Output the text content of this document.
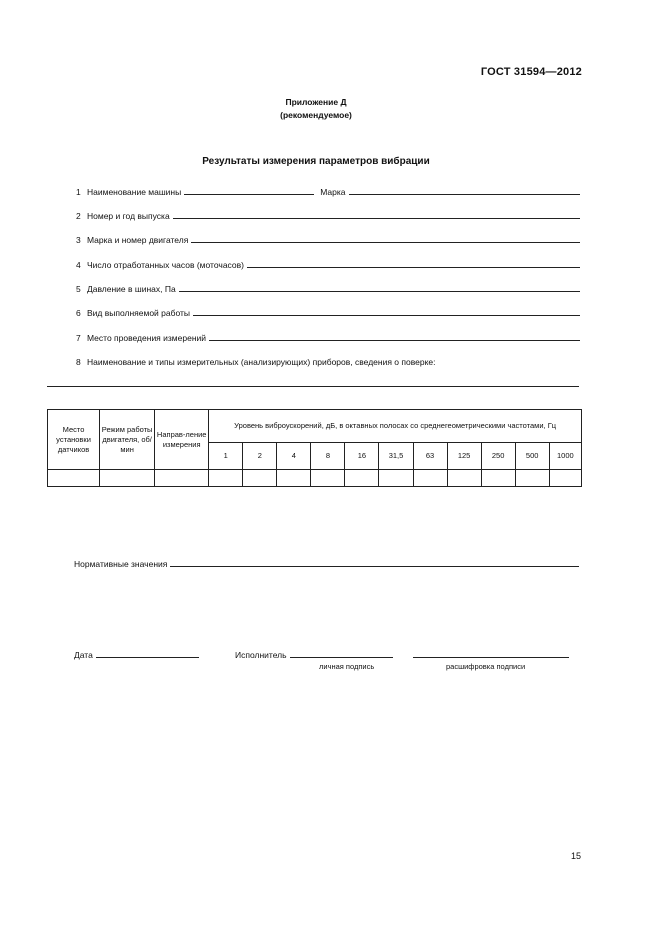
ГОСТ 31594—2012
Приложение Д
(рекомендуемое)
Результаты измерения параметров вибрации
1 Наименование машины	Марка
2 Номер и год выпуска
3 Марка и номер двигателя
4 Число отработанных часов (моточасов)
5 Давление в шинах, Па
6 Вид выполняемой работы
7 Место проведения измерений
8 Наименование и типы измерительных (анализирующих) приборов, сведения о поверке:
Место установки датчиков	Режим работы двигателя, об/мин	Направ-ление измерения	Уровень виброускорений, дБ, в октавных полосах со среднегеометрическими частотами, Гц										
			1	2	4	8	16	31,5	63	125	250	500	1000

Нормативные значения
Дата	Исполнитель
личная подпись	расшифровка подписи
15
